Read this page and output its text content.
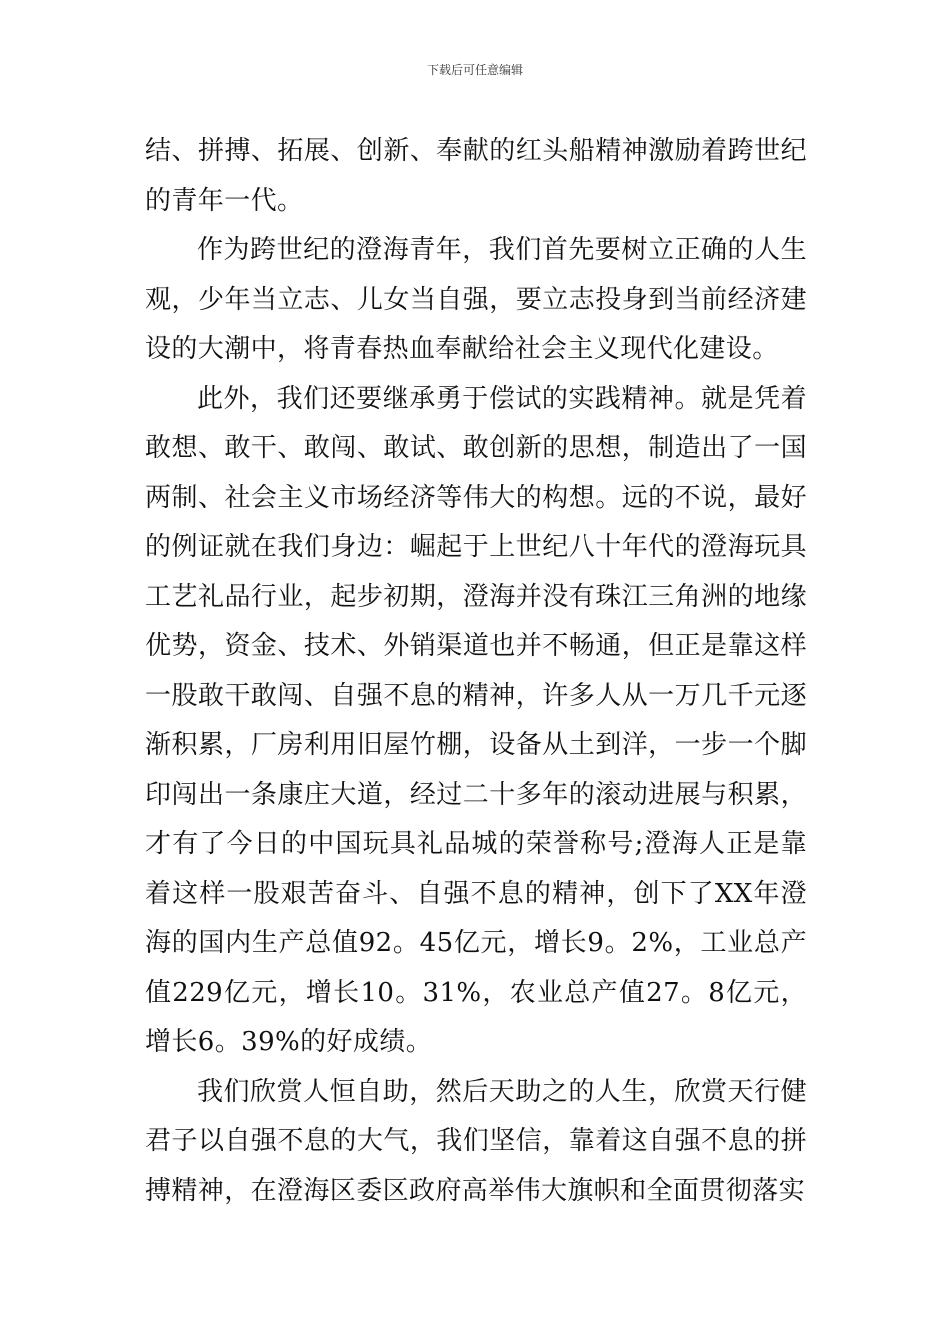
下载后可任意编辑

结、拼搏、拓展、创新、奉献的红头船精神激励着跨世纪的青年一代。

作为跨世纪的澄海青年，我们首先要树立正确的人生观，少年当立志、儿女当自强，要立志投身到当前经济建设的大潮中，将青春热血奉献给社会主义现代化建设。

此外，我们还要继承勇于偿试的实践精神。就是凭着敢想、敢干、敢闯、敢试、敢创新的思想，制造出了一国两制、社会主义市场经济等伟大的构想。远的不说，最好的例证就在我们身边：崛起于上世纪八十年代的澄海玩具工艺礼品行业，起步初期，澄海并没有珠江三角洲的地缘优势，资金、技术、外销渠道也并不畅通，但正是靠这样一股敢干敢闯、自强不息的精神，许多人从一万几千元逐渐积累，厂房利用旧屋竹棚，设备从土到洋，一步一个脚印闯出一条康庄大道，经过二十多年的滚动进展与积累，才有了今日的中国玩具礼品城的荣誉称号;澄海人正是靠着这样一股艰苦奋斗、自强不息的精神，创下了XX年澄海的国内生产总值92。45亿元，增长9。2%，工业总产值229亿元，增长10。31%，农业总产值27。8亿元，增长6。39%的好成绩。

我们欣赏人恒自助，然后天助之的人生，欣赏天行健君子以自强不息的大气，我们坚信，靠着这自强不息的拼搏精神，在澄海区委区政府高举伟大旗帜和全面贯彻落实
